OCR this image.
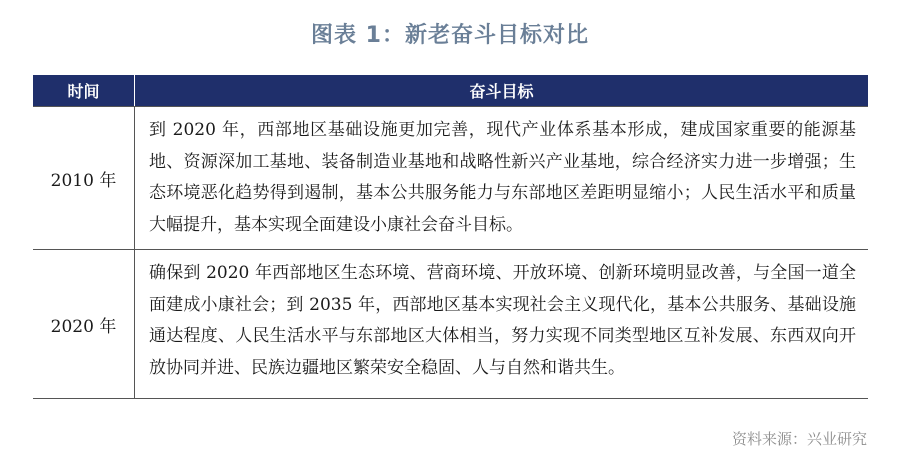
图表 1：新老奋斗目标对比
时间	奋斗目标
2010 年
到 2020 年，西部地区基础设施更加完善，现代产业体系基本形成，建成国家重要的能源基地、资源深加工基地、装备制造业基地和战略性新兴产业基地，综合经济实力进一步增强；生态环境恶化趋势得到遏制，基本公共服务能力与东部地区差距明显缩小；人民生活水平和质量大幅提升，基本实现全面建设小康社会奋斗目标。
2020 年
确保到 2020 年西部地区生态环境、营商环境、开放环境、创新环境明显改善，与全国一道全面建成小康社会；到 2035 年，西部地区基本实现社会主义现代化，基本公共服务、基础设施通达程度、人民生活水平与东部地区大体相当，努力实现不同类型地区互补发展、东西双向开放协同并进、民族边疆地区繁荣安全稳固、人与自然和谐共生。
资料来源：兴业研究
